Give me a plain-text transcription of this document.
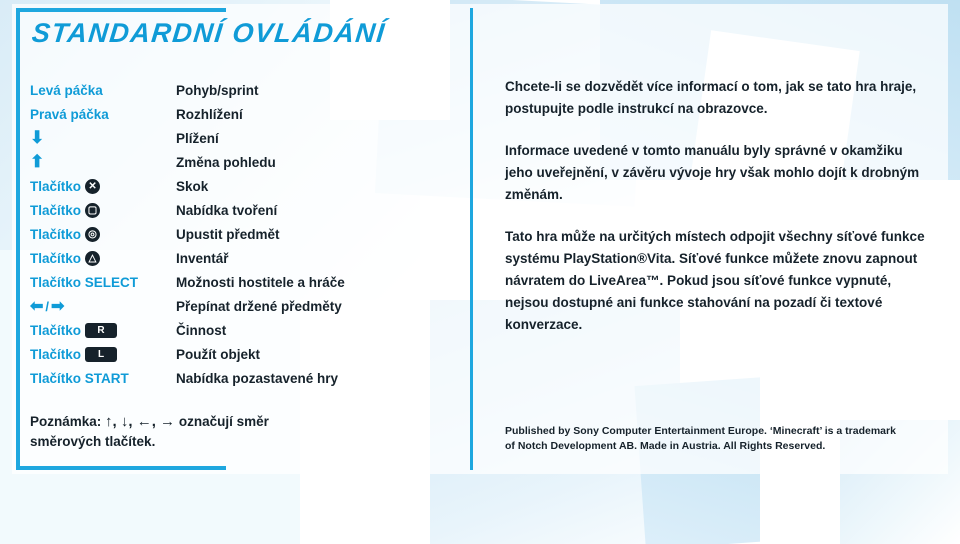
STANDARDNÍ OVLÁDÁNÍ
Levá páčka	Pohyb/sprint
Pravá páčka	Rozhlížení
⬇	Plížení
⬆	Změna pohledu
Tlačítko ✕	Skok
Tlačítko ▢	Nabídka tvoření
Tlačítko ◎	Upustit předmět
Tlačítko △	Inventář
Tlačítko SELECT	Možnosti hostitele a hráče
⬅ / ➡	Přepínat držené předměty
Tlačítko	R	Činnost
Tlačítko	L	Použít objekt
Tlačítko START	Nabídka pozastavené hry
Poznámka: ↑, ↓, ←, → označují směr
směrových tlačítek.

Chcete-li se dozvědět více informací o tom, jak se tato hra hraje, postupujte podle instrukcí na obrazovce.

Informace uvedené v tomto manuálu byly správné v okamžiku jeho uveřejnění, v závěru vývoje hry však mohlo dojít k drobným změnám.

Tato hra může na určitých místech odpojit všechny síťové funkce systému PlayStation®Vita. Síťové funkce můžete znovu zapnout návratem do LiveArea™. Pokud jsou síťové funkce vypnuté, nejsou dostupné ani funkce stahování na pozadí či textové konverzace.

Published by Sony Computer Entertainment Europe. ‘Minecraft’ is a trademark

of Notch Development AB. Made in Austria. All Rights Reserved.
